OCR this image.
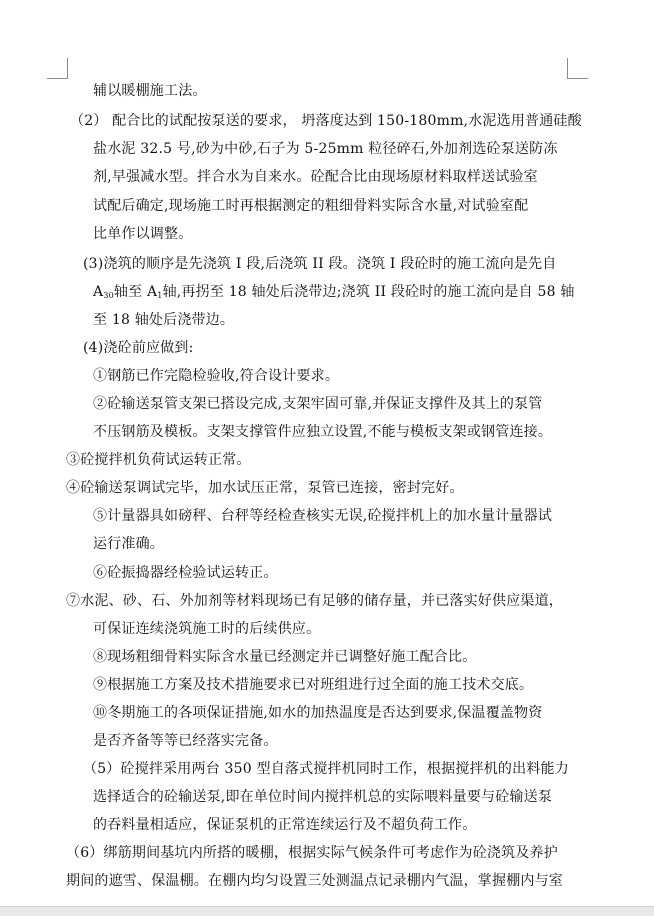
辅以暖棚施工法。
（2） 配合比的试配按泵送的要求， 坍落度达到 150-180mm,水泥选用普通硅酸
盐水泥 32.5 号,砂为中砂,石子为 5-25mm 粒径碎石,外加剂选砼泵送防冻
剂,早强减水型。拌合水为自来水。砼配合比由现场原材料取样送试验室
试配后确定,现场施工时再根据测定的粗细骨料实际含水量,对试验室配
比单作以调整。
(3)浇筑的顺序是先浇筑 I 段,后浇筑 II 段。浇筑 I 段砼时的施工流向是先自
$A_{30}$轴至 $A_1$轴,再拐至 18 轴处后浇带边;浇筑 II 段砼时的施工流向是自 58 轴
至 18 轴处后浇带边。
(4)浇砼前应做到:
①钢筋已作完隐检验收,符合设计要求。
②砼输送泵管支架已搭设完成,支架牢固可靠,并保证支撑件及其上的泵管
不压钢筋及模板。支架支撑管件应独立设置,不能与模板支架或钢管连接。
③砼搅拌机负荷试运转正常。
④砼输送泵调试完毕，加水试压正常，泵管已连接，密封完好。
⑤计量器具如磅秤、台秤等经检查核实无误,砼搅拌机上的加水量计量器试
运行准确。
⑥砼振捣器经检验试运转正。
⑦水泥、砂、石、外加剂等材料现场已有足够的储存量，并已落实好供应渠道，
可保证连续浇筑施工时的后续供应。
⑧现场粗细骨料实际含水量已经测定并已调整好施工配合比。
⑨根据施工方案及技术措施要求已对班组进行过全面的施工技术交底。
⑩冬期施工的各项保证措施,如水的加热温度是否达到要求,保温覆盖物资
是否齐备等等已经落实完备。
（5）砼搅拌采用两台 350 型自落式搅拌机同时工作，根据搅拌机的出料能力
选择适合的砼输送泵,即在单位时间内搅拌机总的实际喂料量要与砼输送泵
的吞料量相适应，保证泵机的正常连续运行及不超负荷工作。
（6）绑筋期间基坑内所搭的暖棚，根据实际气候条件可考虑作为砼浇筑及养护
期间的遮雪、保温棚。在棚内均匀设置三处测温点记录棚内气温，掌握棚内与室
